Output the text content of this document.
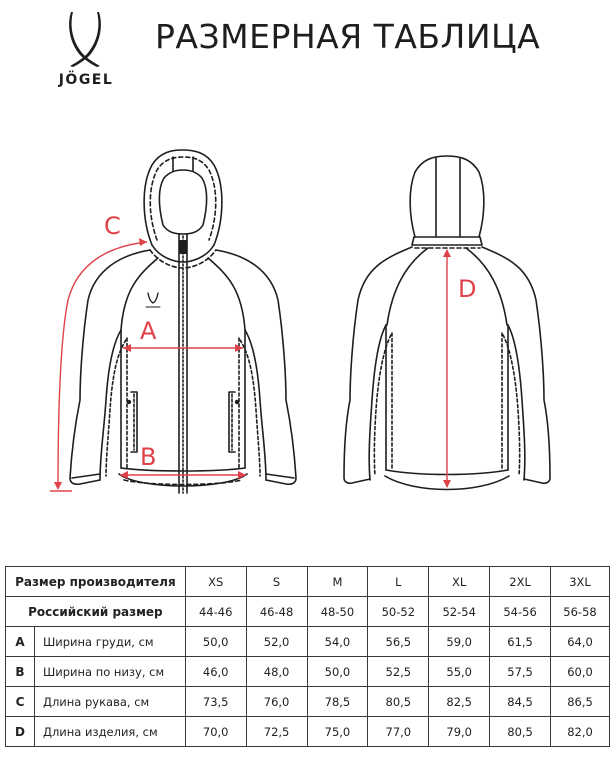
JÖGEL
РАЗМЕРНАЯ ТАБЛИЦА
C
A
B
D
Размер производителя		XS	S	M	L	XL	2XL	3XL
Российский размер		44-46	46-48	48-50	50-52	52-54	54-56	56-58
A	Ширина груди, см	50,0	52,0	54,0	56,5	59,0	61,5	64,0
B	Ширина по низу, см	46,0	48,0	50,0	52,5	55,0	57,5	60,0
C	Длина рукава, см	73,5	76,0	78,5	80,5	82,5	84,5	86,5
D	Длина изделия, см	70,0	72,5	75,0	77,0	79,0	80,5	82,0
